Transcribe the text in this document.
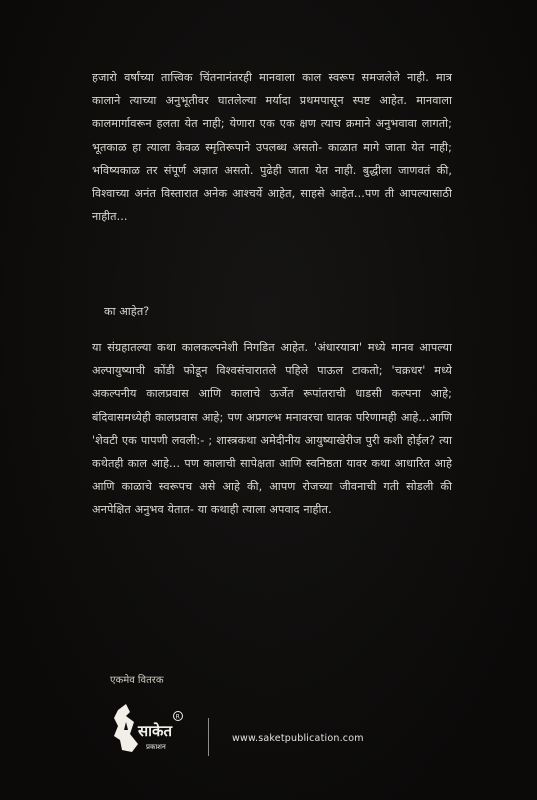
हजारो वर्षांच्या तात्त्विक चिंतनानंतरही मानवाला काल स्वरूप समजलेले नाही. मात्र कालाने त्याच्या अनुभूतीवर घातलेल्या मर्यादा प्रथमपासून स्पष्ट आहेत. मानवाला कालमार्गावरून हलता येत नाही; येणारा एक एक क्षण त्याच क्रमाने अनुभवावा लागतो; भूतकाळ हा त्याला केवळ स्मृतिरूपाने उपलब्ध असतो- काळात मागे जाता येत नाही; भविष्यकाळ तर संपूर्ण अज्ञात असतो. पुढेही जाता येत नाही. बुद्धीला जाणवतं की, विश्वाच्या अनंत विस्तारात अनेक आश्चर्ये आहेत, साहसे आहेत...पण ती आपल्यासाठी नाहीत...
का आहेत?
या संग्रहातल्या कथा कालकल्पनेशी निगडित आहेत. 'अंधारयात्रा' मध्ये मानव आपल्या अल्पायुष्याची कोंडी फोडून विश्वसंचारातले पहिले पाऊल टाकतो; 'चक्रधर' मध्ये अकल्पनीय कालप्रवास आणि कालाचे ऊर्जेत रूपांतराची धाडसी कल्पना आहे; बंदिवासमध्येही कालप्रवास आहे; पण अप्रगल्भ मनावरचा घातक परिणामही आहे...आणि 'शेवटी एक पापणी लवली:- ; शास्त्रकथा अमेदीनीय आयुष्याखेरीज पुरी कशी होईल? त्या कथेतही काल आहे... पण कालाची सापेक्षता आणि स्वनिष्ठता यावर कथा आधारित आहे आणि काळाचे स्वरूपच असे आहे की, आपण रोजच्या जीवनाची गती सोडली की अनपेक्षित अनुभव येतात- या कथाही त्याला अपवाद नाहीत.
एकमेव वितरक
साकेत
प्रकाशन
R
www.saketpublication.com
